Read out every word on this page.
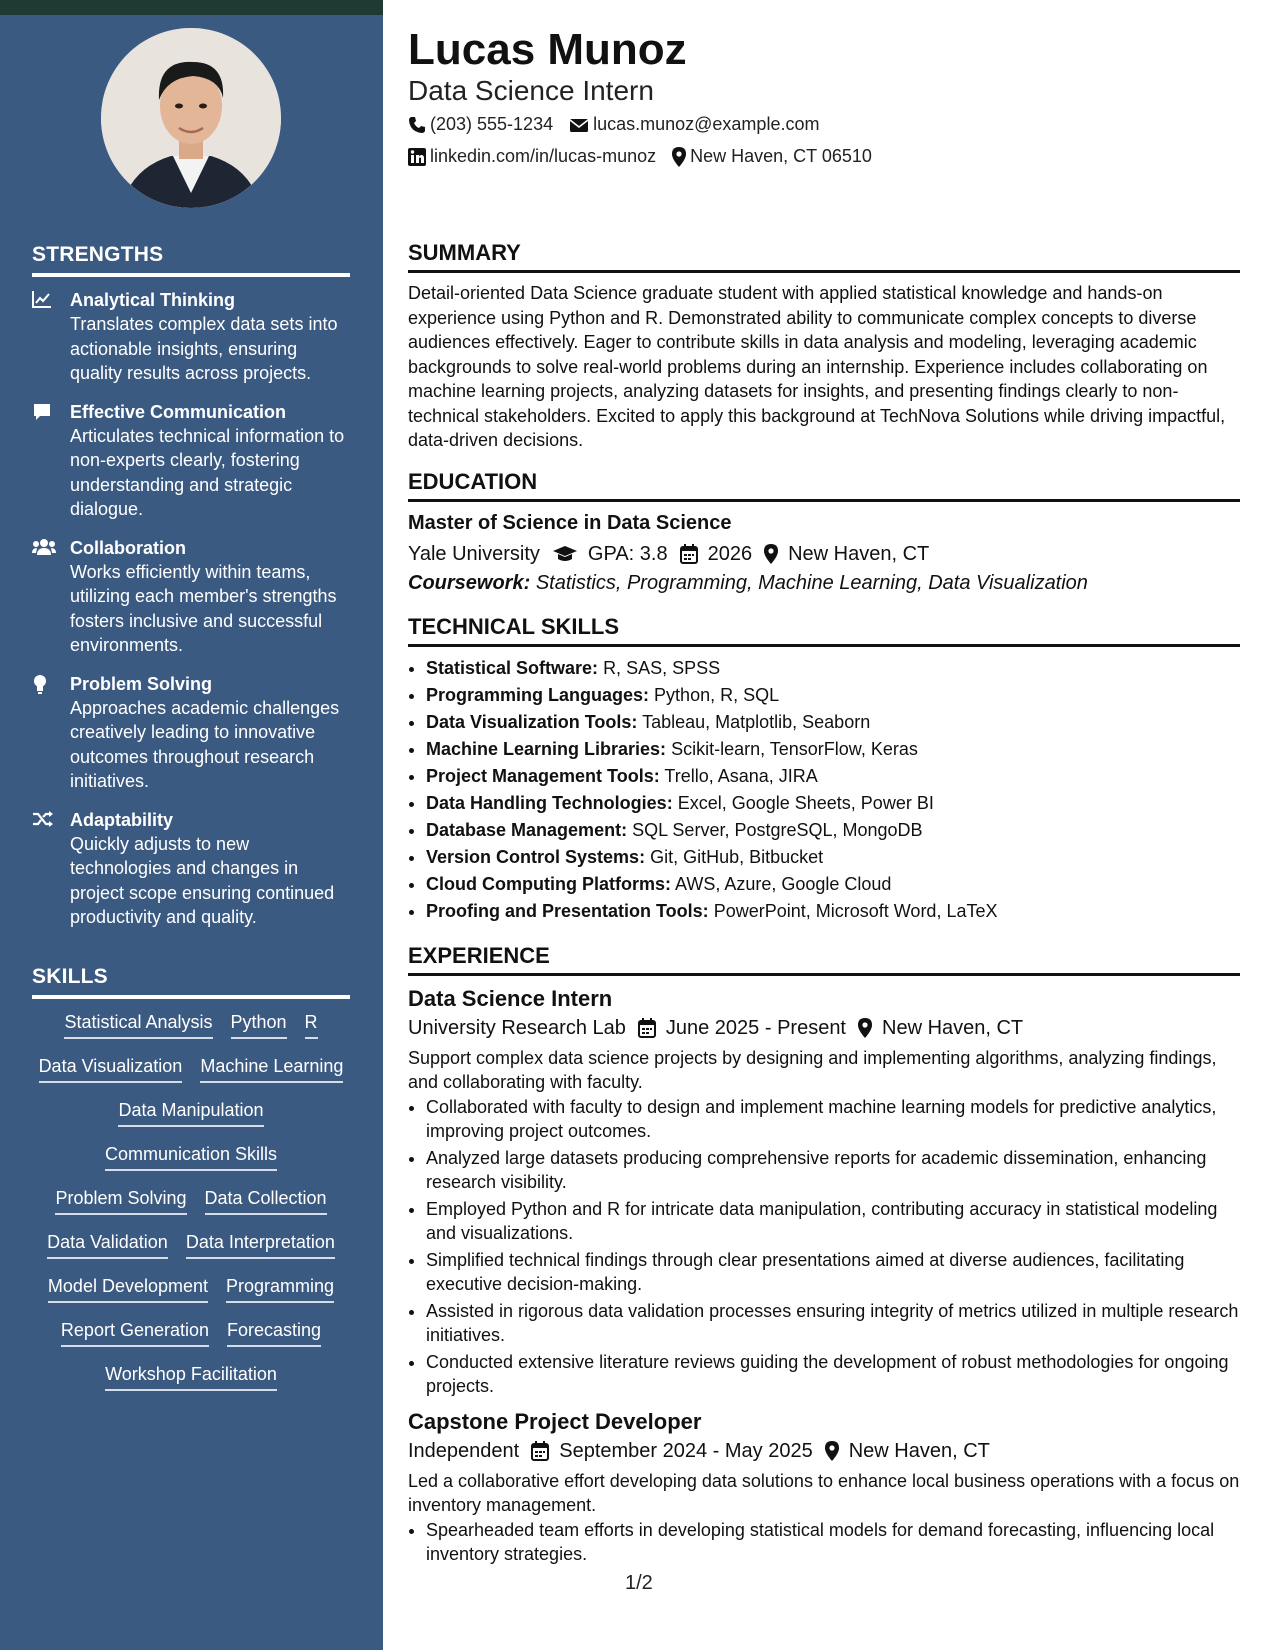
STRENGTHS
Analytical Thinking
Translates complex data sets into actionable insights, ensuring quality results across projects.
Effective Communication
Articulates technical information to non-experts clearly, fostering understanding and strategic dialogue.
Collaboration
Works efficiently within teams, utilizing each member's strengths fosters inclusive and successful environments.
Problem Solving
Approaches academic challenges creatively leading to innovative outcomes throughout research initiatives.
Adaptability
Quickly adjusts to new technologies and changes in project scope ensuring continued productivity and quality.
SKILLS
Statistical Analysis Python R
Data Visualization Machine Learning
Data Manipulation
Communication Skills
Problem Solving Data Collection
Data Validation Data Interpretation
Model Development Programming
Report Generation Forecasting
Workshop Facilitation
Lucas Munoz
Data Science Intern
(203) 555-1234 lucas.munoz@example.com
linkedin.com/in/lucas-munoz New Haven, CT 06510
SUMMARY
Detail-oriented Data Science graduate student with applied statistical knowledge and hands-on experience using Python and R. Demonstrated ability to communicate complex concepts to diverse audiences effectively. Eager to contribute skills in data analysis and modeling, leveraging academic backgrounds to solve real-world problems during an internship. Experience includes collaborating on machine learning projects, analyzing datasets for insights, and presenting findings clearly to non-technical stakeholders. Excited to apply this background at TechNova Solutions while driving impactful, data-driven decisions.
EDUCATION
Master of Science in Data Science
Yale University GPA: 3.8 2026 New Haven, CT
Coursework: Statistics, Programming, Machine Learning, Data Visualization
TECHNICAL SKILLS
• Statistical Software: R, SAS, SPSS
• Programming Languages: Python, R, SQL
• Data Visualization Tools: Tableau, Matplotlib, Seaborn
• Machine Learning Libraries: Scikit-learn, TensorFlow, Keras
• Project Management Tools: Trello, Asana, JIRA
• Data Handling Technologies: Excel, Google Sheets, Power BI
• Database Management: SQL Server, PostgreSQL, MongoDB
• Version Control Systems: Git, GitHub, Bitbucket
• Cloud Computing Platforms: AWS, Azure, Google Cloud
• Proofing and Presentation Tools: PowerPoint, Microsoft Word, LaTeX
EXPERIENCE
Data Science Intern
University Research Lab June 2025 - Present New Haven, CT
Support complex data science projects by designing and implementing algorithms, analyzing findings, and collaborating with faculty.
• Collaborated with faculty to design and implement machine learning models for predictive analytics, improving project outcomes.
• Analyzed large datasets producing comprehensive reports for academic dissemination, enhancing research visibility.
• Employed Python and R for intricate data manipulation, contributing accuracy in statistical modeling and visualizations.
• Simplified technical findings through clear presentations aimed at diverse audiences, facilitating executive decision-making.
• Assisted in rigorous data validation processes ensuring integrity of metrics utilized in multiple research initiatives.
• Conducted extensive literature reviews guiding the development of robust methodologies for ongoing projects.
Capstone Project Developer
Independent September 2024 - May 2025 New Haven, CT
Led a collaborative effort developing data solutions to enhance local business operations with a focus on inventory management.
• Spearheaded team efforts in developing statistical models for demand forecasting, influencing local inventory strategies.
1/2
